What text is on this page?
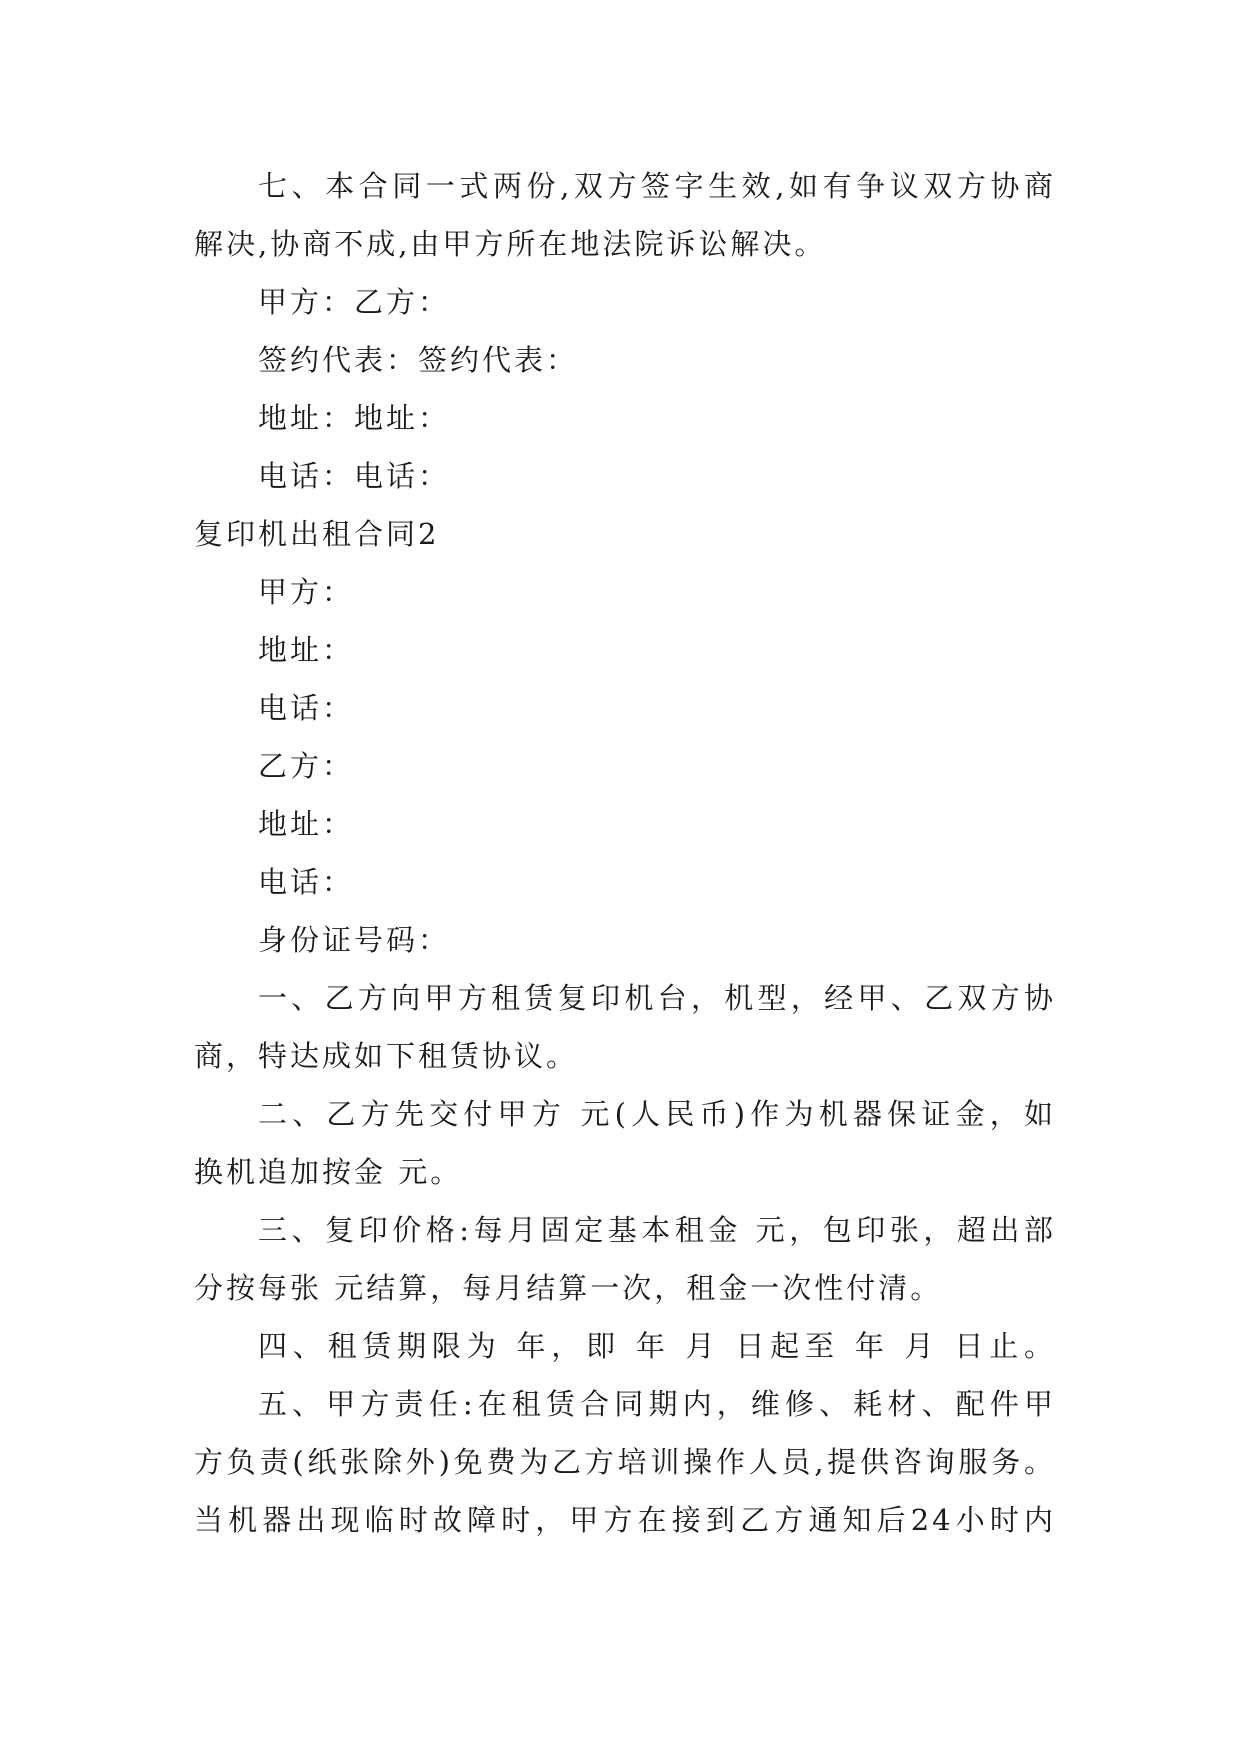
七、本合同一式两份,双方签字生效,如有争议双方协商
解决,协商不成,由甲方所在地法院诉讼解决。
甲方：乙方：
签约代表：签约代表：
地址：地址：
电话：电话：
复印机出租合同2
甲方：
地址：
电话：
乙方：
地址：
电话：
身份证号码：
一、乙方向甲方租赁复印机台，机型，经甲、乙双方协
商，特达成如下租赁协议。
二、乙方先交付甲方 元(人民币)作为机器保证金，如
换机追加按金 元。
三、复印价格:每月固定基本租金 元，包印张，超出部
分按每张 元结算，每月结算一次，租金一次性付清。
四、租赁期限为 年，即 年 月 日起至 年 月 日止。
五、甲方责任:在租赁合同期内，维修、耗材、配件甲
方负责(纸张除外)免费为乙方培训操作人员,提供咨询服务。
当机器出现临时故障时，甲方在接到乙方通知后24小时内
